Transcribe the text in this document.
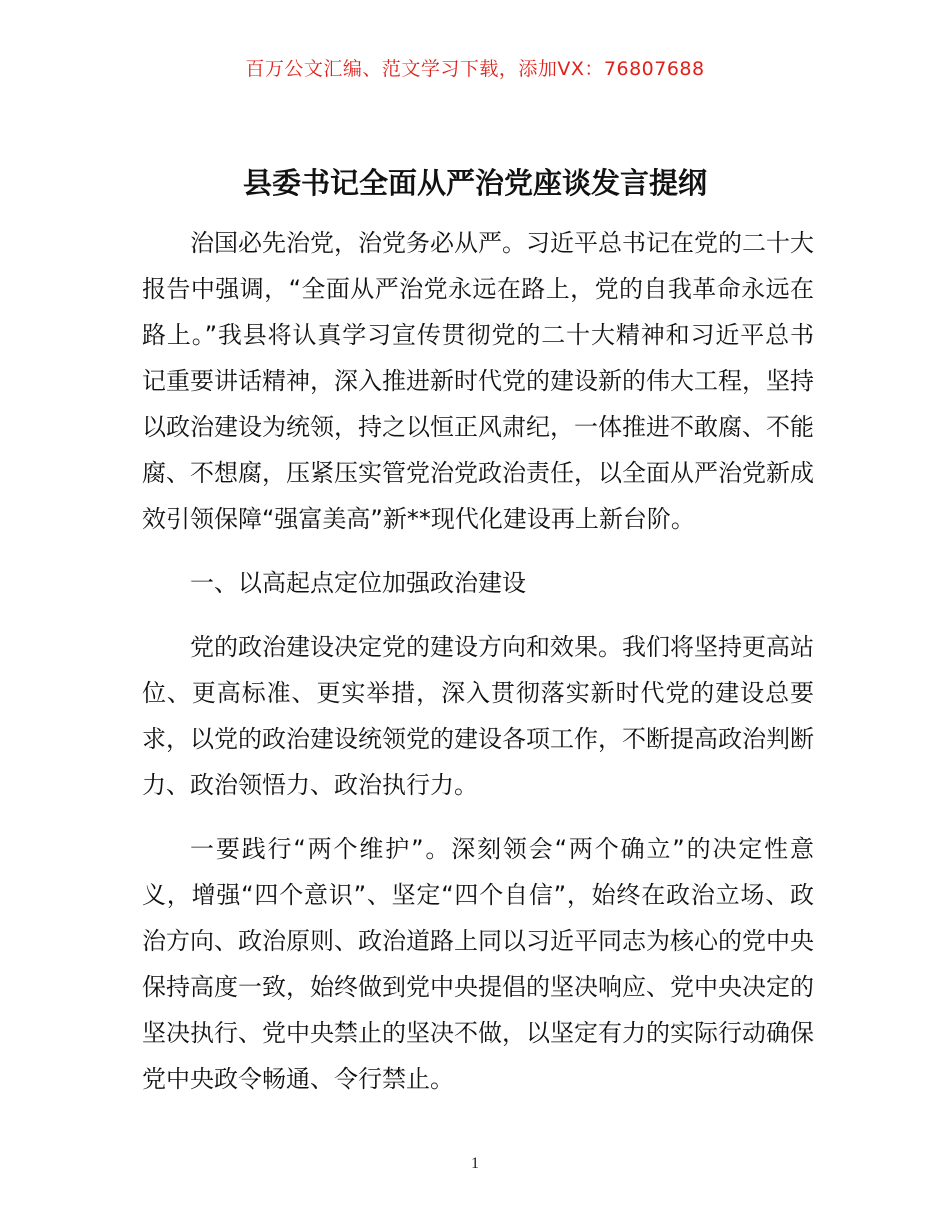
百万公文汇编、范文学习下载，添加VX：76807688
县委书记全面从严治党座谈发言提纲

治国必先治党，治党务必从严。习近平总书记在党的二十大报告中强调，“全面从严治党永远在路上，党的自我革命永远在路上。”我县将认真学习宣传贯彻党的二十大精神和习近平总书记重要讲话精神，深入推进新时代党的建设新的伟大工程，坚持以政治建设为统领，持之以恒正风肃纪，一体推进不敢腐、不能腐、不想腐，压紧压实管党治党政治责任，以全面从严治党新成效引领保障“强富美高”新**现代化建设再上新台阶。

一、以高起点定位加强政治建设

党的政治建设决定党的建设方向和效果。我们将坚持更高站位、更高标准、更实举措，深入贯彻落实新时代党的建设总要求，以党的政治建设统领党的建设各项工作，不断提高政治判断力、政治领悟力、政治执行力。

一要践行“两个维护”。深刻领会“两个确立”的决定性意义，增强“四个意识”、坚定“四个自信”，始终在政治立场、政治方向、政治原则、政治道路上同以习近平同志为核心的党中央保持高度一致，始终做到党中央提倡的坚决响应、党中央决定的坚决执行、党中央禁止的坚决不做，以坚定有力的实际行动确保党中央政令畅通、令行禁止。

1
